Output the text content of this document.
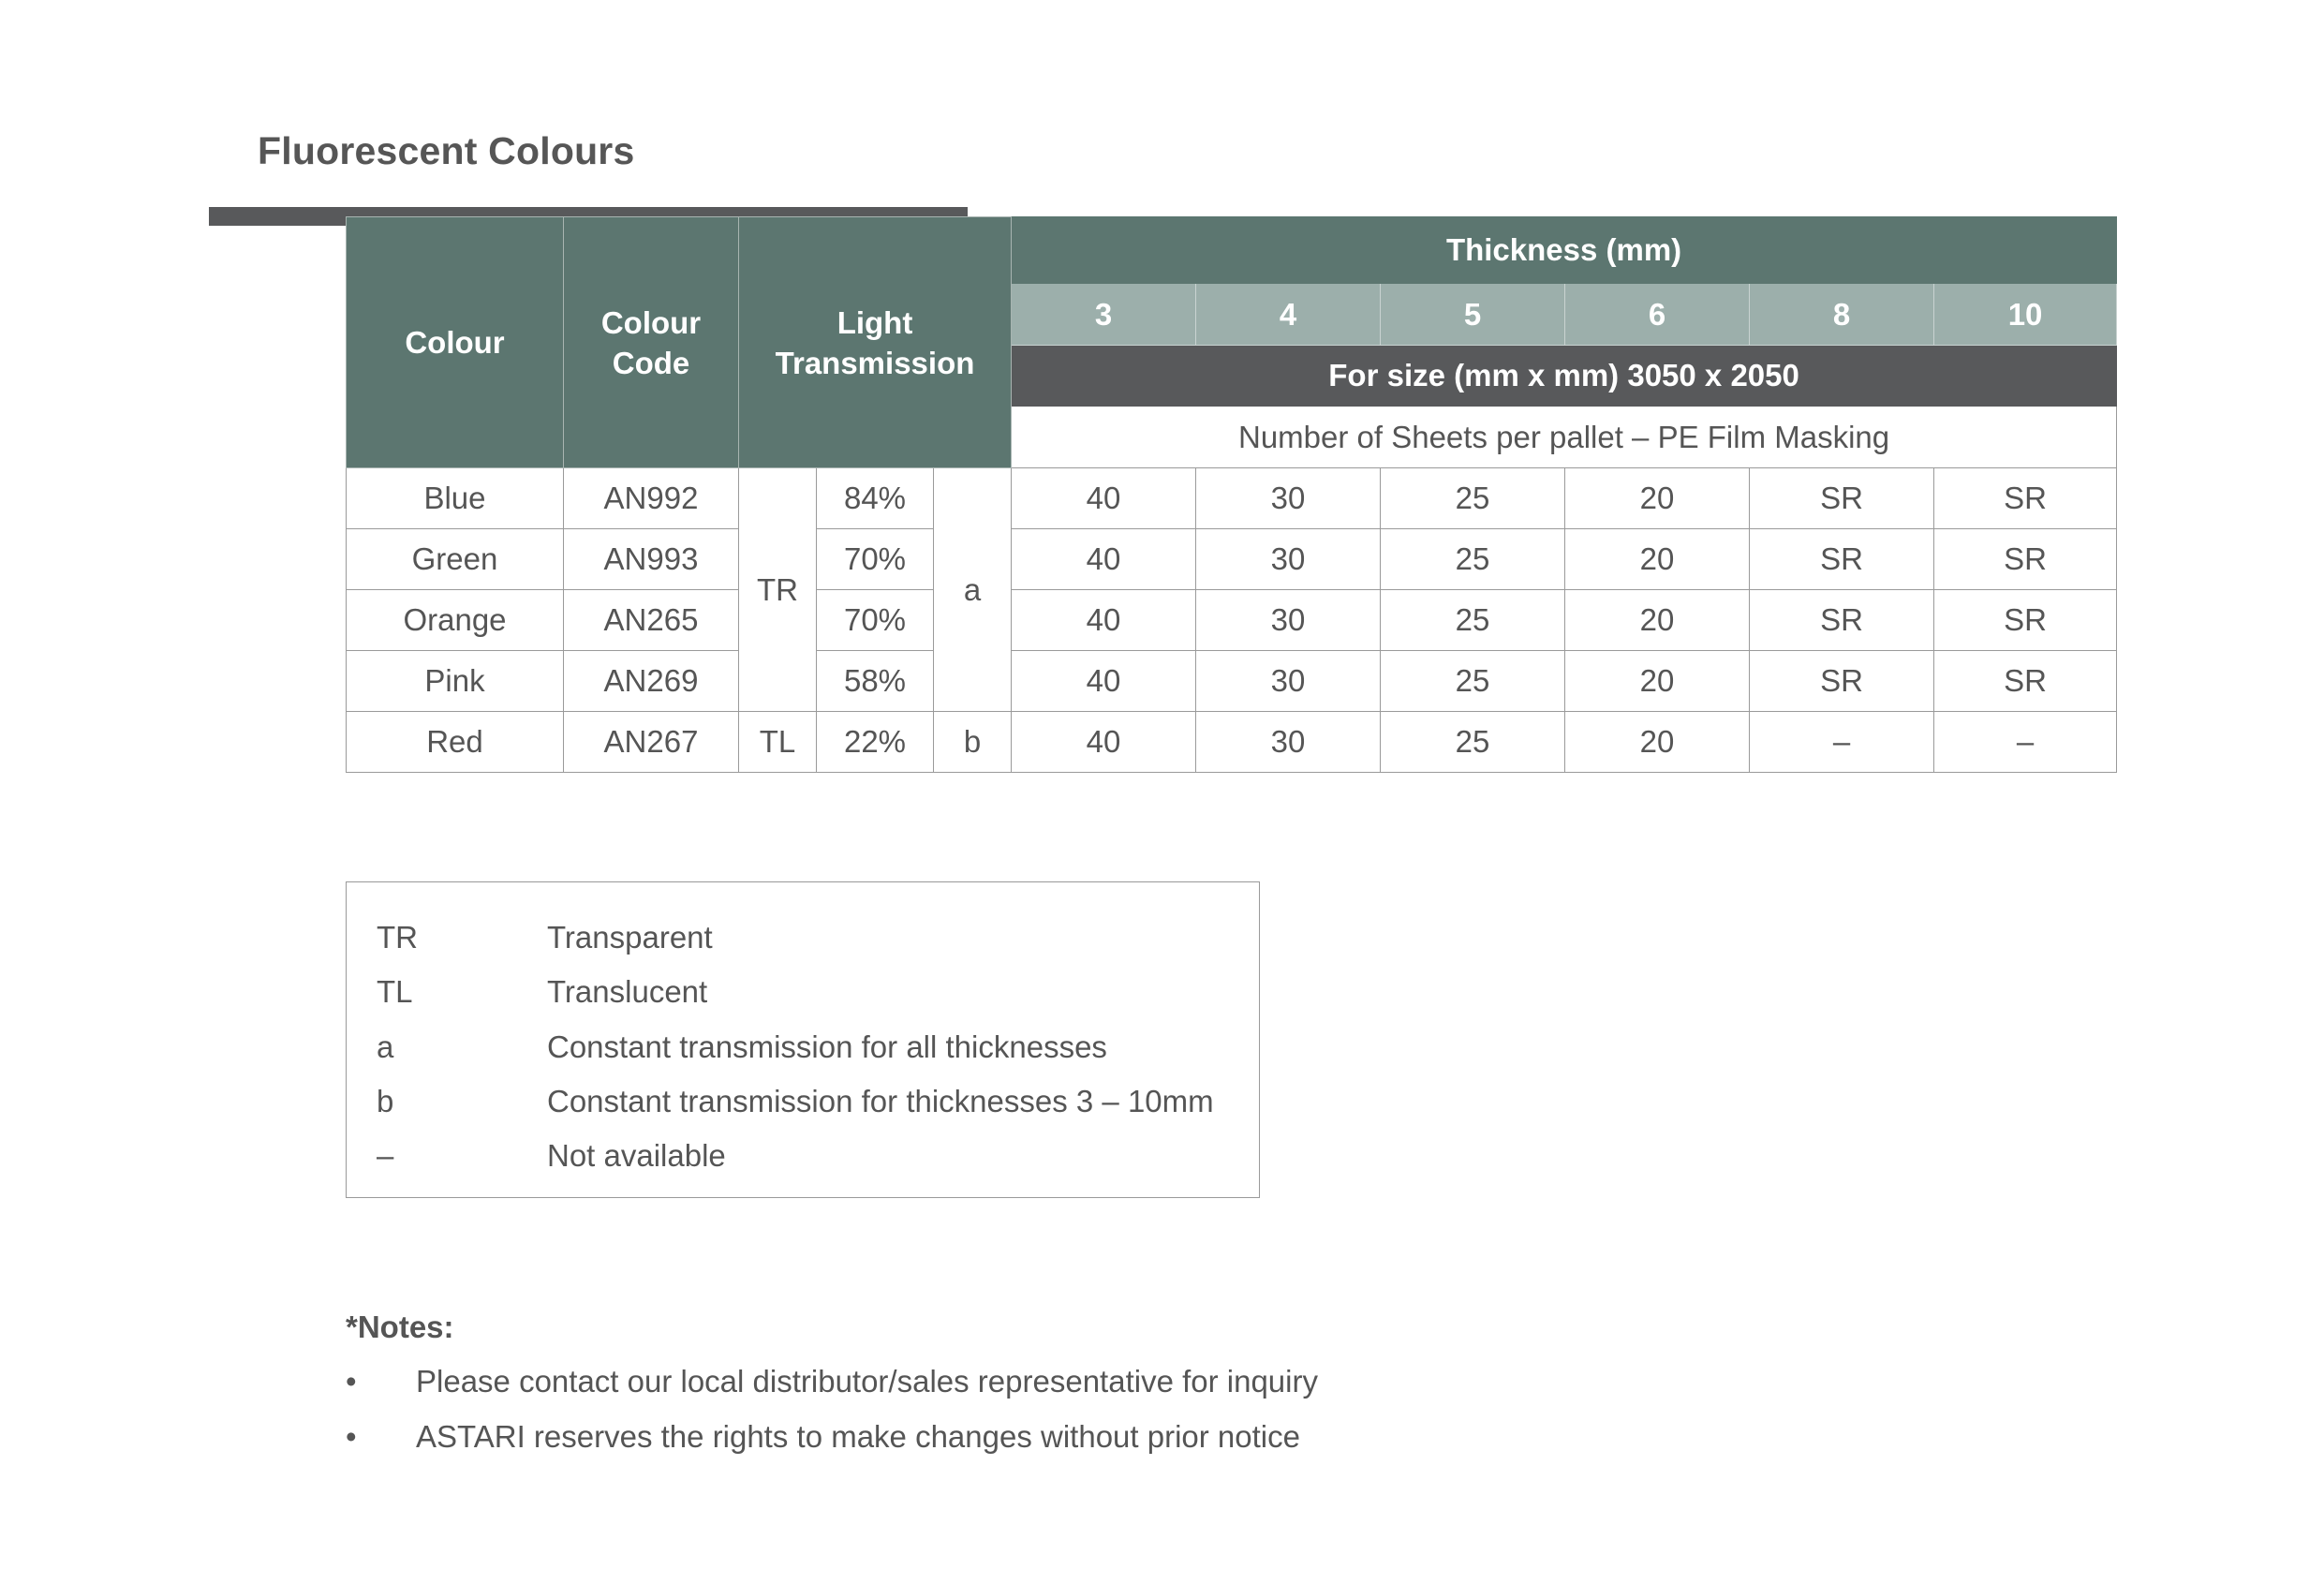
Fluorescent Colours
Colour	Colour Code	Light Transmission			Thickness (mm)					
					3	4	5	6	8	10
					For size (mm x mm) 3050 x 2050					
					Number of Sheets per pallet – PE Film Masking					
Blue	AN992	TR	84%	a	40	30	25	20	SR	SR
Green	AN993		70%		40	30	25	20	SR	SR
Orange	AN265		70%		40	30	25	20	SR	SR
Pink	AN269		58%		40	30	25	20	SR	SR
Red	AN267	TL	22%	b	40	30	25	20	–	–
TR	Transparent
TL	Translucent
a	Constant transmission for all thicknesses
b	Constant transmission for thicknesses 3 – 10mm
–	Not available
*Notes:
• Please contact our local distributor/sales representative for inquiry
• ASTARI reserves the rights to make changes without prior notice
